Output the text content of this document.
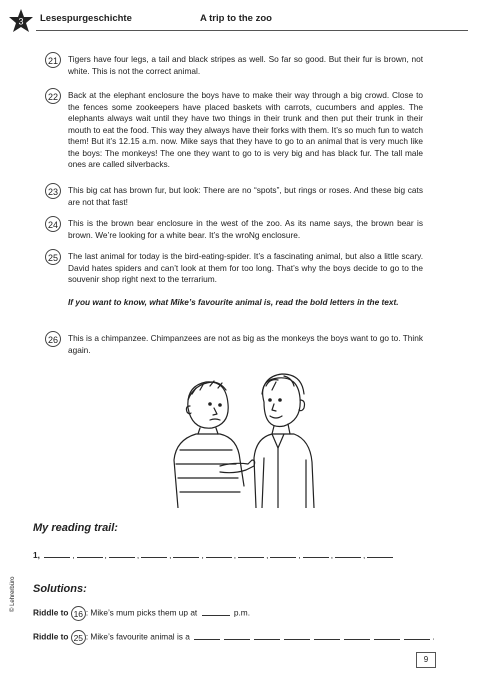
3 Lesespurgeschichte	A trip to the zoo
21	Tigers have four legs, a tail and black stripes as well. So far so good. But their fur is brown, not white. This is not the correct animal.
22	Back at the elephant enclosure the boys have to make their way through a big crowd. Close to the fences some zookeepers have placed baskets with carrots, cucumbers and apples. The elephants always wait until they have two things in their trunk and then put their trunk in their mouth to eat the food. This way they always have their forks with them. It’s so much fun to watch them! But it’s 12.15 a.m. now. Mike says that they have to go to an animal that is very much like the boys: The monkeys! The one they want to go to is very big and has black fur. The tall male ones are called silverbacks.
23	This big cat has brown fur, but look: There are no “spots”, but rings or roses. And these big cats are not that fast!
24	This is the brown bear enclosure in the west of the zoo. As its name says, the brown bear is brown. We’re looking for a white bear. It’s the wroNg enclosure.
25	The last animal for today is the bird-eating-spider. It’s a fascinating animal, but also a little scary. David hates spiders and can’t look at them for too long. That’s why the boys decide to go to the souvenir shop right next to the terrarium.
If you want to know, what Mike’s favourite animal is, read the bold letters in the text.
26	This is a chimpanzee. Chimpanzees are not as big as the monkeys the boys want to go to. Think again.
My reading trail:
1,	,	,	,	,	,	,	,	,	,	,
Solutions:
Riddle to 16 : Mike’s mum picks them up at	p.m.
Riddle to 25 : Mike’s favourite animal is a	.
© Lehrerbüro
9
